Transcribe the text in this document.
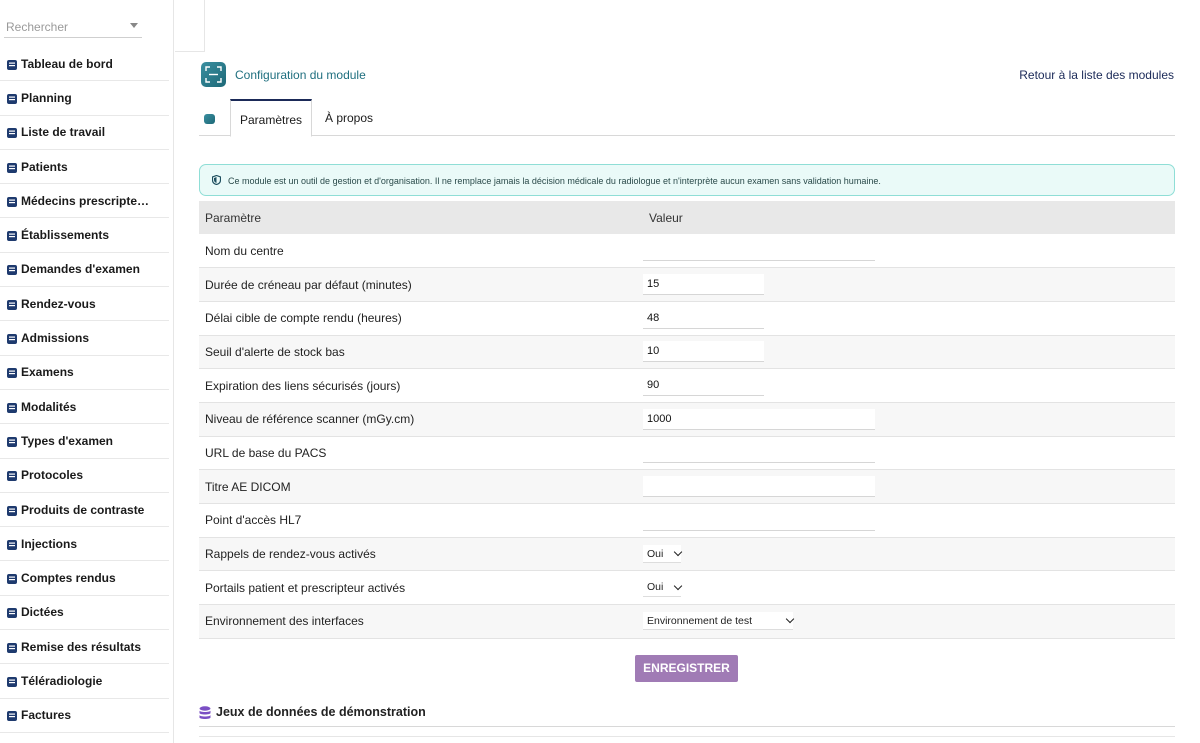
Rechercher
Tableau de bord
Planning
Liste de travail
Patients
Médecins prescripte…
Établissements
Demandes d'examen
Rendez-vous
Admissions
Examens
Modalités
Types d'examen
Protocoles
Produits de contraste
Injections
Comptes rendus
Dictées
Remise des résultats
Téléradiologie
Factures
Configuration du module	Retour à la liste des modules
Paramètres	À propos
Ce module est un outil de gestion et d'organisation. Il ne remplace jamais la décision médicale du radiologue et n'interprète aucun examen sans validation humaine.
Paramètre	Valeur
Nom du centre	
Durée de créneau par défaut (minutes)	15
Délai cible de compte rendu (heures)	48
Seuil d'alerte de stock bas	10
Expiration des liens sécurisés (jours)	90
Niveau de référence scanner (mGy.cm)	1000
URL de base du PACS	
Titre AE DICOM	
Point d'accès HL7	
Rappels de rendez-vous activés	Oui

Portails patient et prescripteur activés	Oui

Environnement des interfaces	Environnement de test
ENREGISTRER
Jeux de données de démonstration
